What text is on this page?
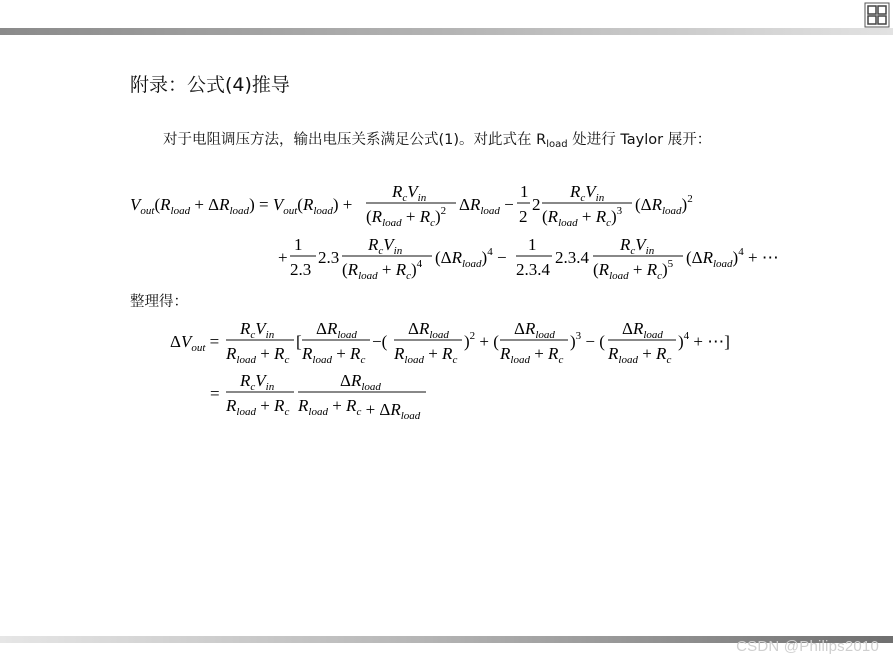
附录：公式(4)推导
对于电阻调压方法，输出电压关系满足公式(1)。对此式在 $R_{load}$ 处进行 Taylor 展开：
$V_{out}(R_{load} + \Delta R_{load}) = V_{out}(R_{load})$ +
$R_cV_{in}$
$(R_{load} + R_c)^2$ $\Delta R_{load}$ −
1
2
2
$R_cV_{in}$
$(R_{load} + R_c)^3$ $(\Delta R_{load})^2$
+
1
2.3
2.3
$R_cV_{in}$
$(R_{load} + R_c)^4$ $(\Delta R_{load})^4$ −
1
2.3.4
2.3.4
$R_cV_{in}$
$(R_{load} + R_c)^5$ $(\Delta R_{load})^4$ + ⋯
整理得：
$\Delta V_{out}$ =
$R_cV_{in}$
$R_{load} + R_c$
[
$\Delta R_{load}$
$R_{load} + R_c$
−(
$\Delta R_{load}$
$R_{load} + R_c$
)$^2$ + (
$\Delta R_{load}$
$R_{load} + R_c$
)$^3$ − (
$\Delta R_{load}$
$R_{load} + R_c$
)$^4$ + ⋯]
=
$R_cV_{in}$
$R_{load} + R_c$
$\Delta R_{load}$
$R_{load} + R_c + \Delta R_{load}$
CSDN @Philips2010
